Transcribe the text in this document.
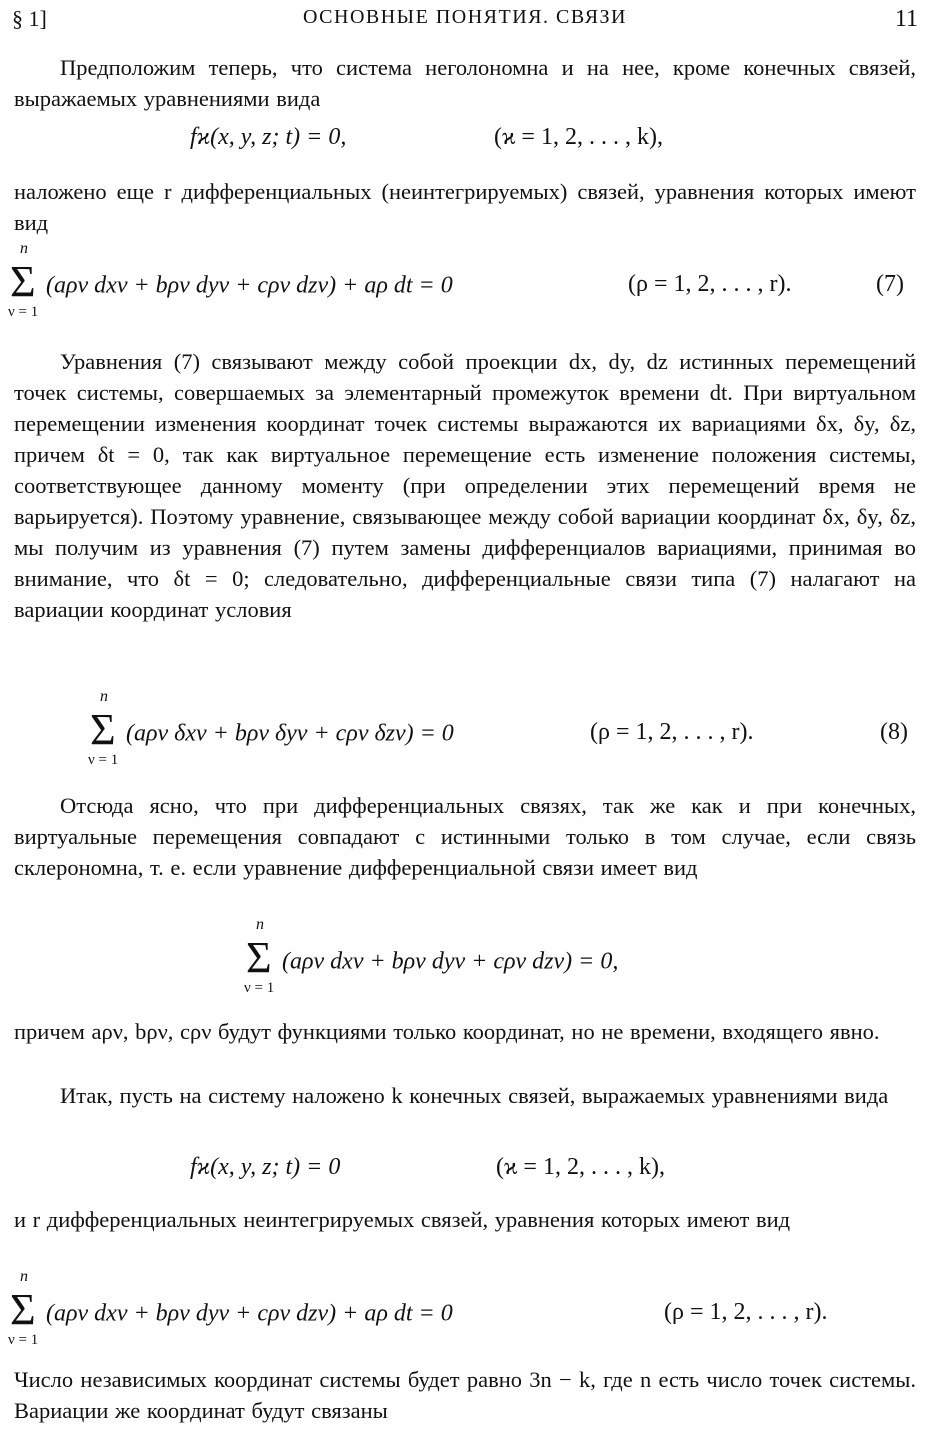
§ 1]	ОСНОВНЫЕ ПОНЯТИЯ. СВЯЗИ	11
Предположим теперь, что система неголономна и на нее, кроме конечных связей, выражаемых уравнениями вида
fϰ(x, y, z; t) = 0,	(ϰ = 1, 2, . . . , k),
наложено еще r дифференциальных (неинтегрируемых) связей, уравнения которых имеют вид
Σ
n
ν = 1
(aρν dxν + bρν dyν + cρν dzν) + aρ dt = 0	(ρ = 1, 2, . . . , r).	(7)
Уравнения (7) связывают между собой проекции dx, dy, dz истинных перемещений точек системы, совершаемых за элементарный промежуток времени dt. При виртуальном перемещении изменения координат точек системы выражаются их вариациями δx, δy, δz, причем δt = 0, так как виртуальное перемещение есть изменение положения системы, соответствующее данному моменту (при определении этих перемещений время не варьируется). Поэтому уравнение, связывающее между собой вариации координат δx, δy, δz, мы получим из уравнения (7) путем замены дифференциалов вариациями, принимая во внимание, что δt = 0; следовательно, дифференциальные связи типа (7) налагают на вариации координат условия
Σ
n
ν = 1
(aρν δxν + bρν δyν + cρν δzν) = 0	(ρ = 1, 2, . . . , r).	(8)
Отсюда ясно, что при дифференциальных связях, так же как и при конечных, виртуальные перемещения совпадают с истинными только в том случае, если связь склерономна, т. е. если уравнение дифференциальной связи имеет вид
Σ
n
ν = 1
(aρν dxν + bρν dyν + cρν dzν) = 0,
причем aρν, bρν, cρν будут функциями только координат, но не времени, входящего явно.
Итак, пусть на систему наложено k конечных связей, выражаемых уравнениями вида
fϰ(x, y, z; t) = 0	(ϰ = 1, 2, . . . , k),
и r дифференциальных неинтегрируемых связей, уравнения которых имеют вид
Σ
n
ν = 1
(aρν dxν + bρν dyν + cρν dzν) + aρ dt = 0	(ρ = 1, 2, . . . , r).
Число независимых координат системы будет равно 3n − k, где n есть число точек системы. Вариации же координат будут связаны
